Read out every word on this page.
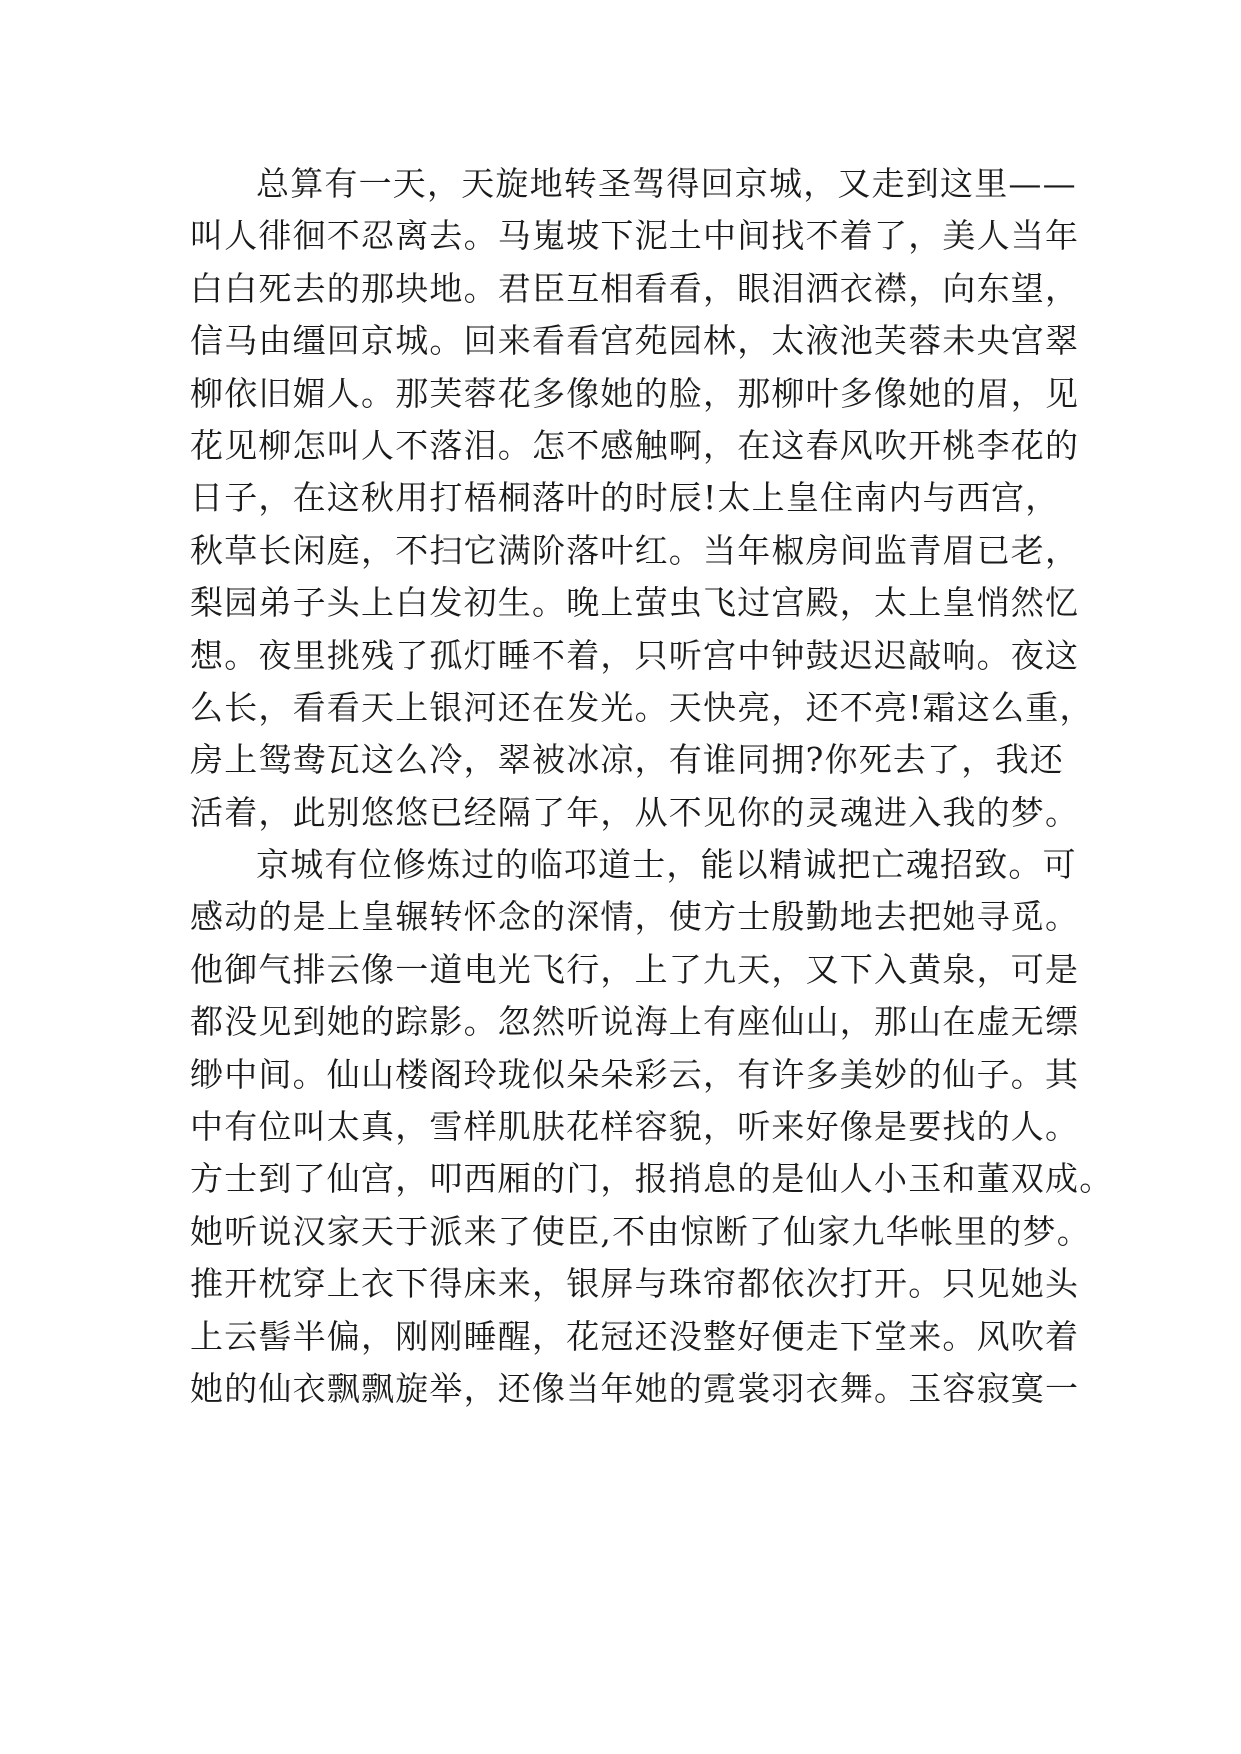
总算有一天，天旋地转圣驾得回京城，又走到这里——
叫人徘徊不忍离去。马嵬坡下泥土中间找不着了，美人当年
白白死去的那块地。君臣互相看看，眼泪洒衣襟，向东望，
信马由缰回京城。回来看看宫苑园林，太液池芙蓉未央宫翠
柳依旧媚人。那芙蓉花多像她的脸，那柳叶多像她的眉，见
花见柳怎叫人不落泪。怎不感触啊，在这春风吹开桃李花的
日子，在这秋用打梧桐落叶的时辰!太上皇住南内与西宫，
秋草长闲庭，不扫它满阶落叶红。当年椒房间监青眉已老，
梨园弟子头上白发初生。晚上萤虫飞过宫殿，太上皇悄然忆
想。夜里挑残了孤灯睡不着，只听宫中钟鼓迟迟敲响。夜这
么长，看看天上银河还在发光。天快亮，还不亮!霜这么重，
房上鸳鸯瓦这么冷，翠被冰凉，有谁同拥?你死去了，我还
活着，此别悠悠已经隔了年，从不见你的灵魂进入我的梦。
京城有位修炼过的临邛道士，能以精诚把亡魂招致。可
感动的是上皇辗转怀念的深情，使方士殷勤地去把她寻觅。
他御气排云像一道电光飞行，上了九天，又下入黄泉，可是
都没见到她的踪影。忽然听说海上有座仙山，那山在虚无缥
缈中间。仙山楼阁玲珑似朵朵彩云，有许多美妙的仙子。其
中有位叫太真，雪样肌肤花样容貌，听来好像是要找的人。
方士到了仙宫，叩西厢的门，报捎息的是仙人小玉和董双成。
她听说汉家天于派来了使臣,不由惊断了仙家九华帐里的梦。
推开枕穿上衣下得床来，银屏与珠帘都依次打开。只见她头
上云髻半偏，刚刚睡醒，花冠还没整好便走下堂来。风吹着
她的仙衣飘飘旋举，还像当年她的霓裳羽衣舞。玉容寂寞一
